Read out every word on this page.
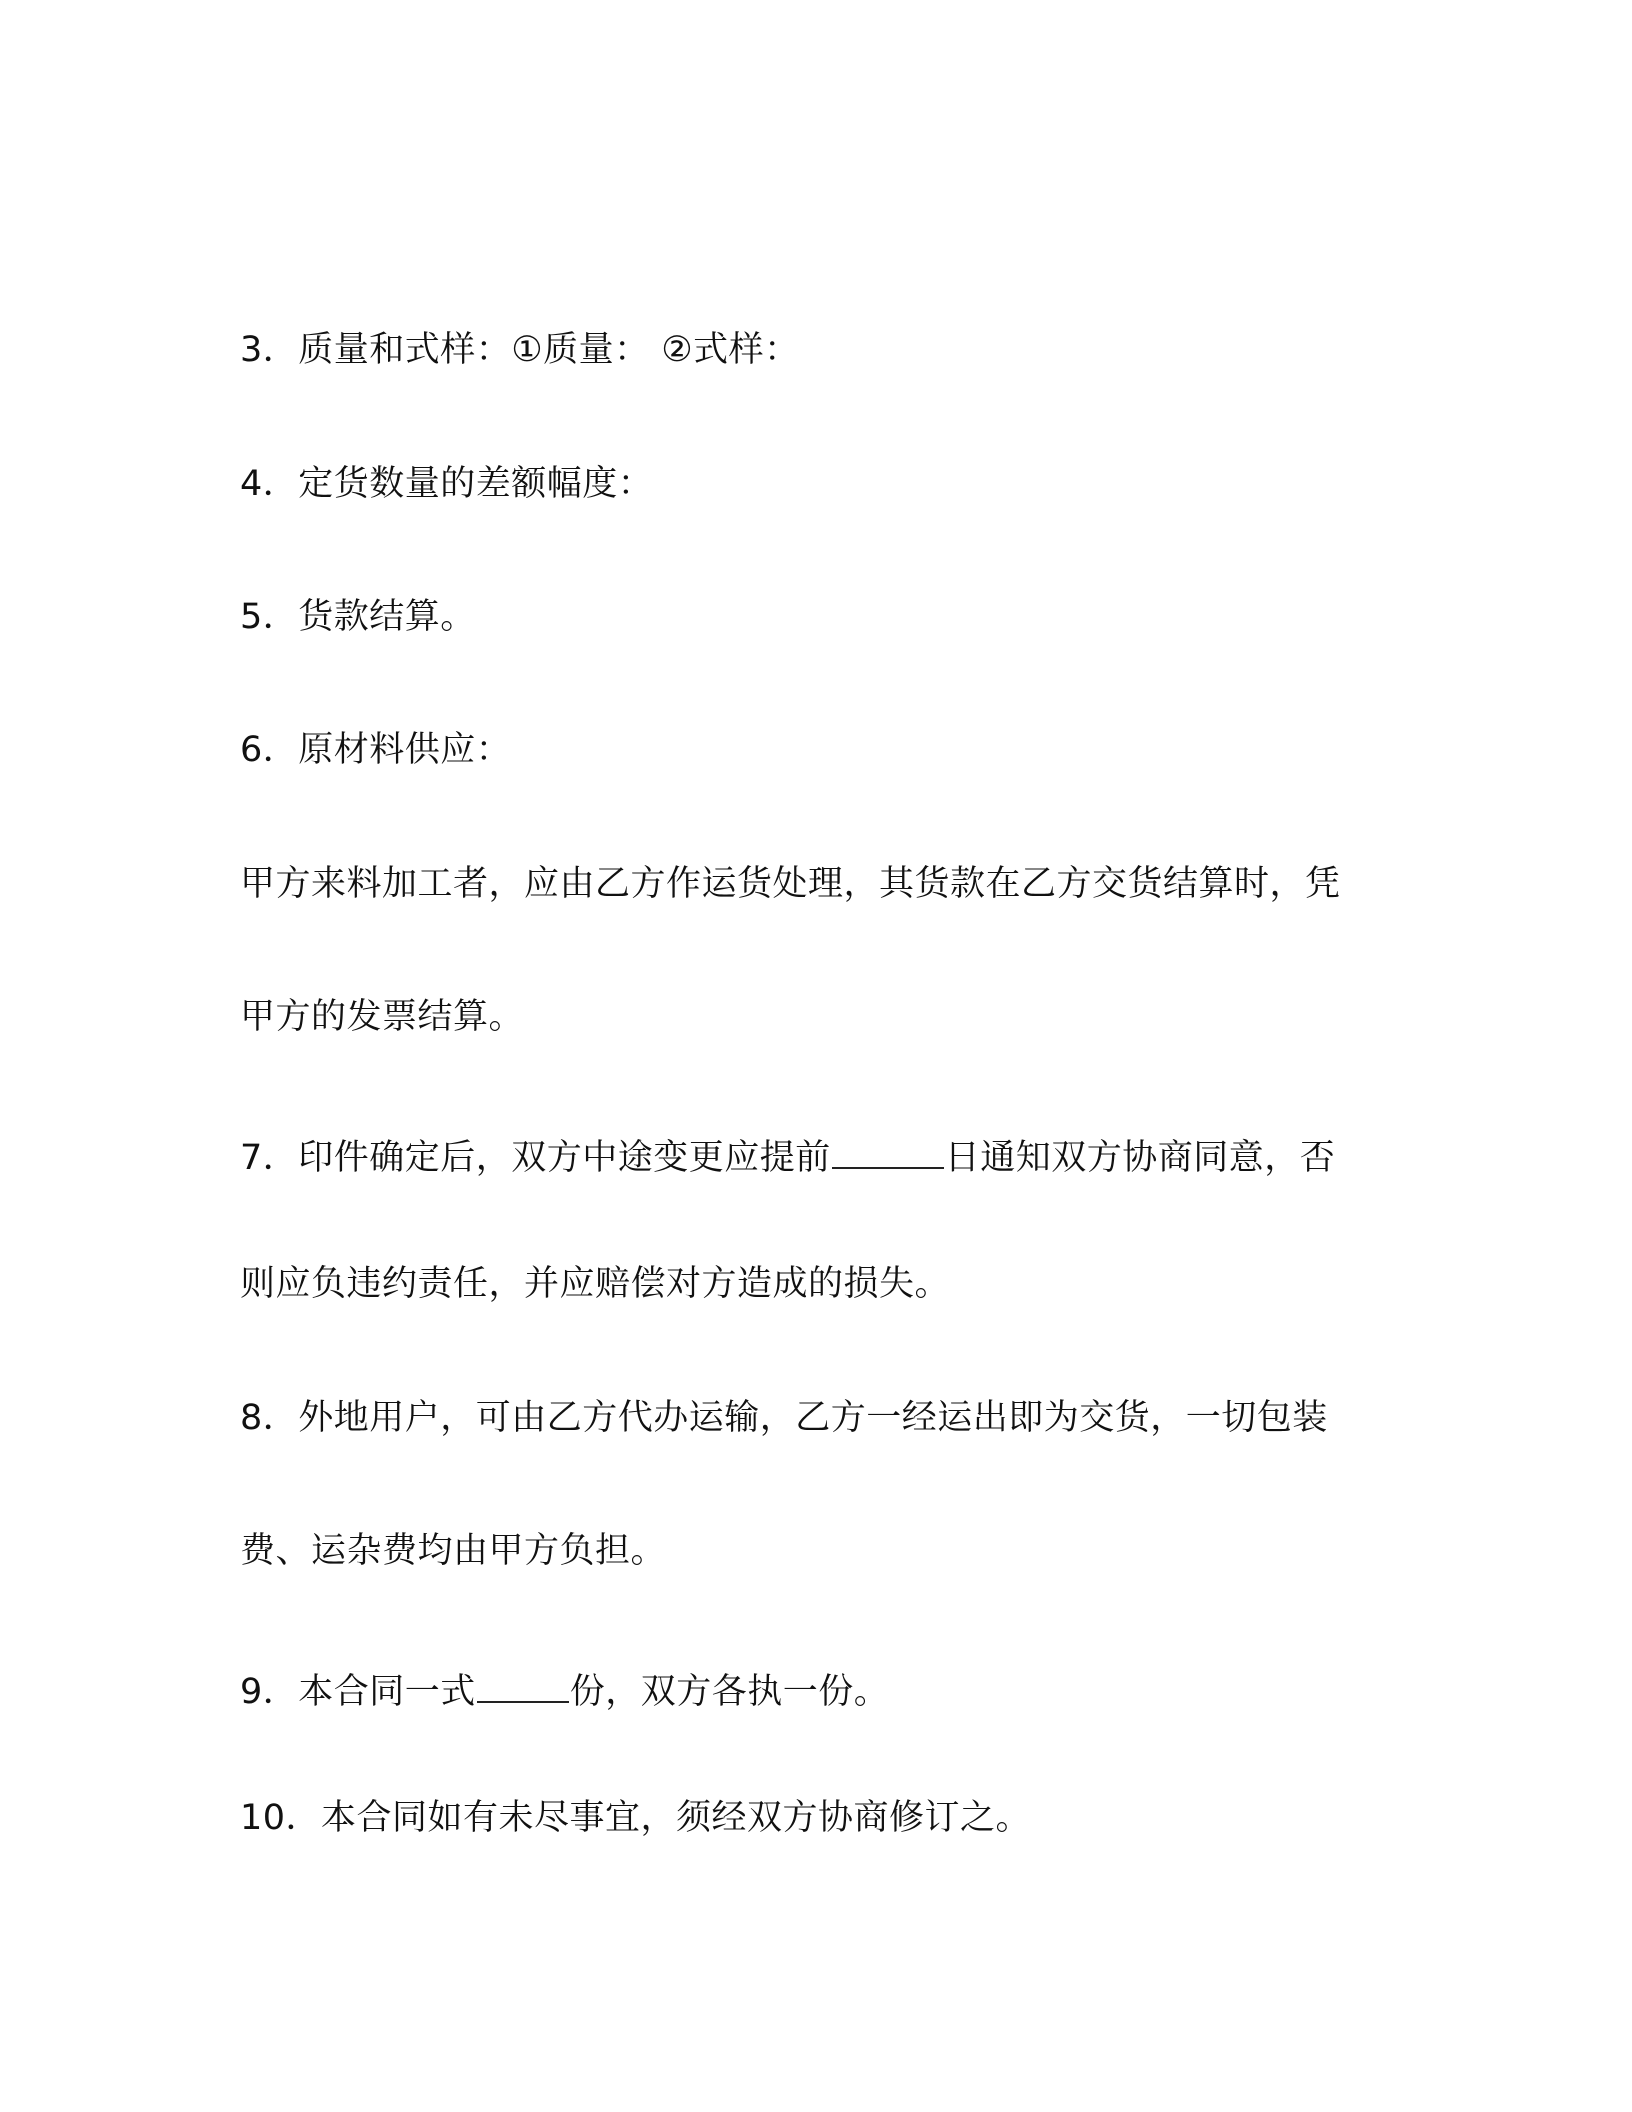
3．质量和式样：①质量： ②式样：
4．定货数量的差额幅度：
5．货款结算。
6．原材料供应：
甲方来料加工者，应由乙方作运货处理，其货款在乙方交货结算时，凭
甲方的发票结算。
7．印件确定后，双方中途变更应提前	日通知双方协商同意，否
则应负违约责任，并应赔偿对方造成的损失。
8．外地用户，可由乙方代办运输，乙方一经运出即为交货，一切包装
费、运杂费均由甲方负担。
9．本合同一式	份，双方各执一份。
10．本合同如有未尽事宜，须经双方协商修订之。
